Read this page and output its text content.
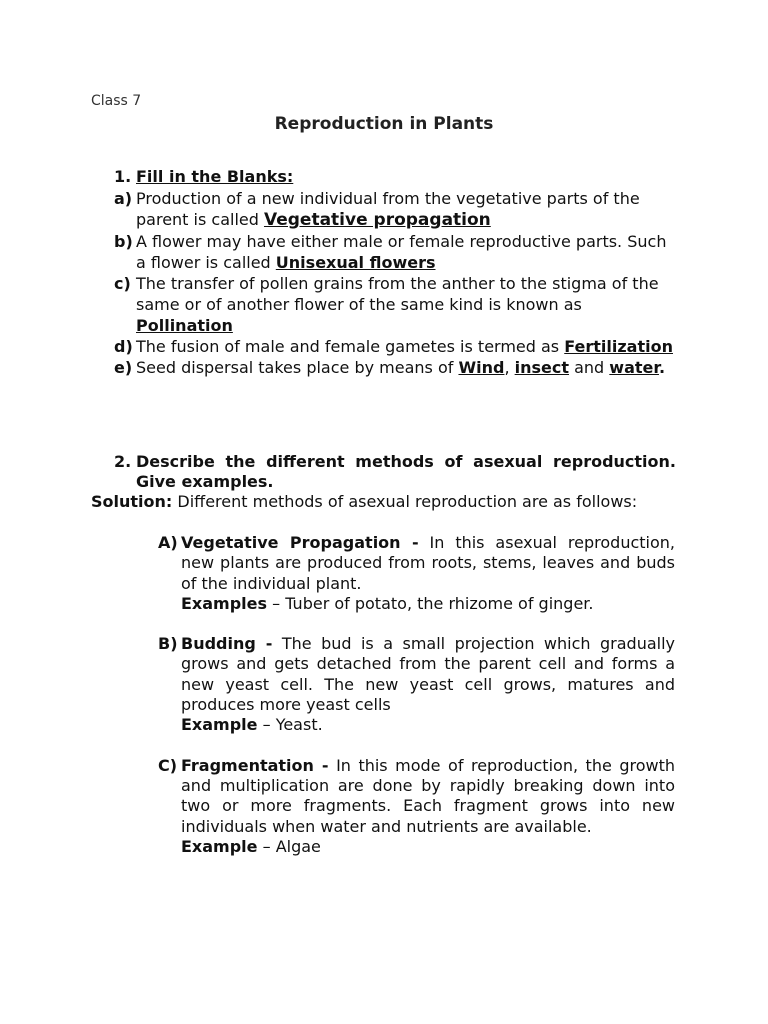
Class 7
Reproduction in Plants
1. Fill in the Blanks:
a) Production of a new individual from the vegetative parts of the parent is called Vegetative propagation
b) A flower may have either male or female reproductive parts. Such a flower is called Unisexual flowers
c) The transfer of pollen grains from the anther to the stigma of the same or of another flower of the same kind is known as Pollination
d) The fusion of male and female gametes is termed as Fertilization
e) Seed dispersal takes place by means of Wind, insect and water.
2. Describe the different methods of asexual reproduction. Give examples.
Solution: Different methods of asexual reproduction are as follows:
A) Vegetative Propagation - In this asexual reproduction, new plants are produced from roots, stems, leaves and buds of the individual plant.
Examples – Tuber of potato, the rhizome of ginger.
B) Budding - The bud is a small projection which gradually grows and gets detached from the parent cell and forms a new yeast cell. The new yeast cell grows, matures and produces more yeast cells
Example – Yeast.
C) Fragmentation - In this mode of reproduction, the growth and multiplication are done by rapidly breaking down into two or more fragments. Each fragment grows into new individuals when water and nutrients are available.
Example – Algae
